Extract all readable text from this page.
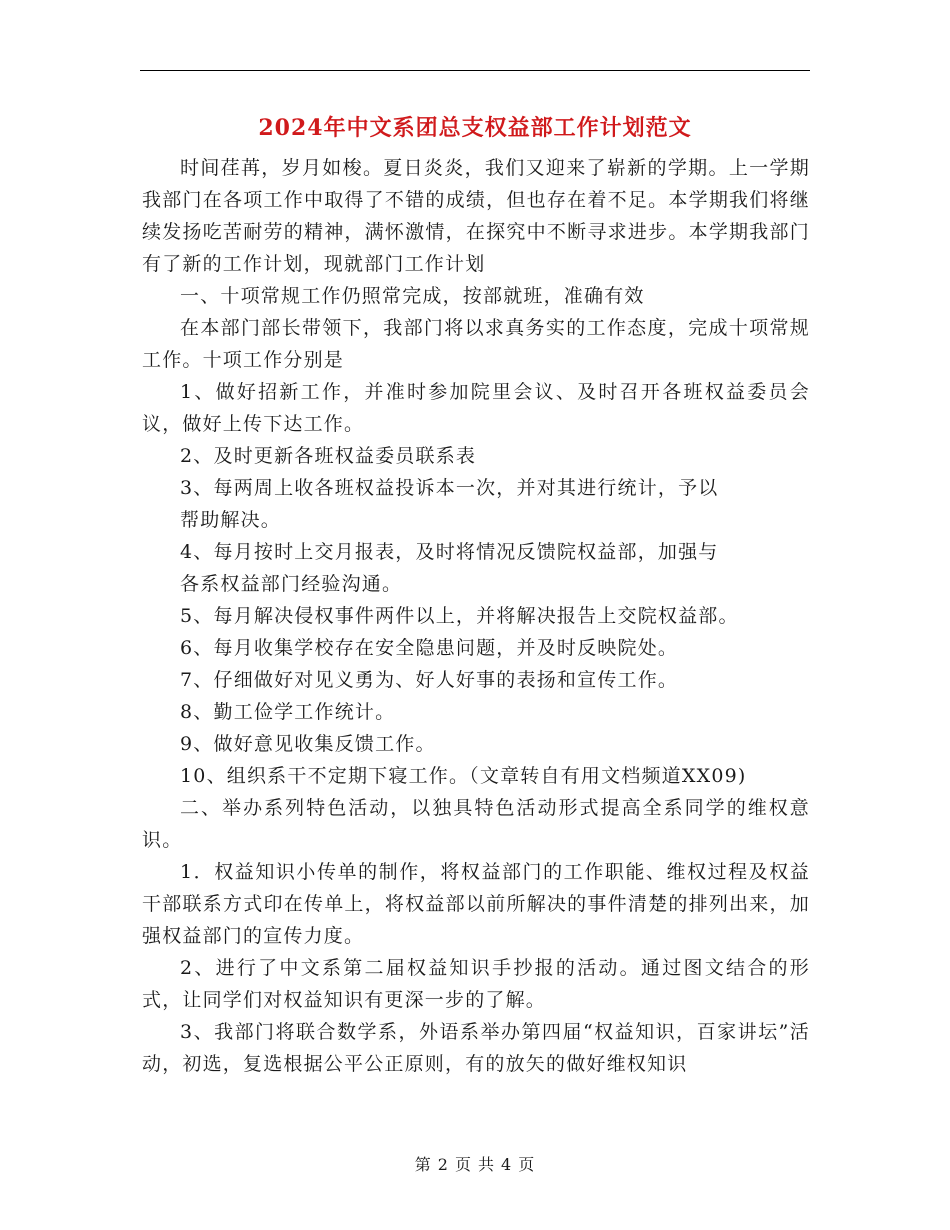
2024年中文系团总支权益部工作计划范文

时间荏苒，岁月如梭。夏日炎炎，我们又迎来了崭新的学期。上一学期我部门在各项工作中取得了不错的成绩，但也存在着不足。本学期我们将继续发扬吃苦耐劳的精神，满怀激情，在探究中不断寻求进步。本学期我部门有了新的工作计划，现就部门工作计划

一、十项常规工作仍照常完成，按部就班，准确有效

在本部门部长带领下，我部门将以求真务实的工作态度，完成十项常规工作。十项工作分别是

1、做好招新工作，并准时参加院里会议、及时召开各班权益委员会议，做好上传下达工作。

2、及时更新各班权益委员联系表

3、每两周上收各班权益投诉本一次，并对其进行统计，予以

帮助解决。

4、每月按时上交月报表，及时将情况反馈院权益部，加强与

各系权益部门经验沟通。

5、每月解决侵权事件两件以上，并将解决报告上交院权益部。

6、每月收集学校存在安全隐患问题，并及时反映院处。

7、仔细做好对见义勇为、好人好事的表扬和宣传工作。

8、勤工俭学工作统计。

9、做好意见收集反馈工作。

10、组织系干不定期下寝工作。（文章转自有用文档频道XX09)

二、举办系列特色活动，以独具特色活动形式提高全系同学的维权意识。

1．权益知识小传单的制作，将权益部门的工作职能、维权过程及权益干部联系方式印在传单上，将权益部以前所解决的事件清楚的排列出来，加强权益部门的宣传力度。

2、进行了中文系第二届权益知识手抄报的活动。通过图文结合的形式，让同学们对权益知识有更深一步的了解。

3、我部门将联合数学系，外语系举办第四届“权益知识，百家讲坛”活动，初选，复选根据公平公正原则，有的放矢的做好维权知识

第 2 页 共 4 页
